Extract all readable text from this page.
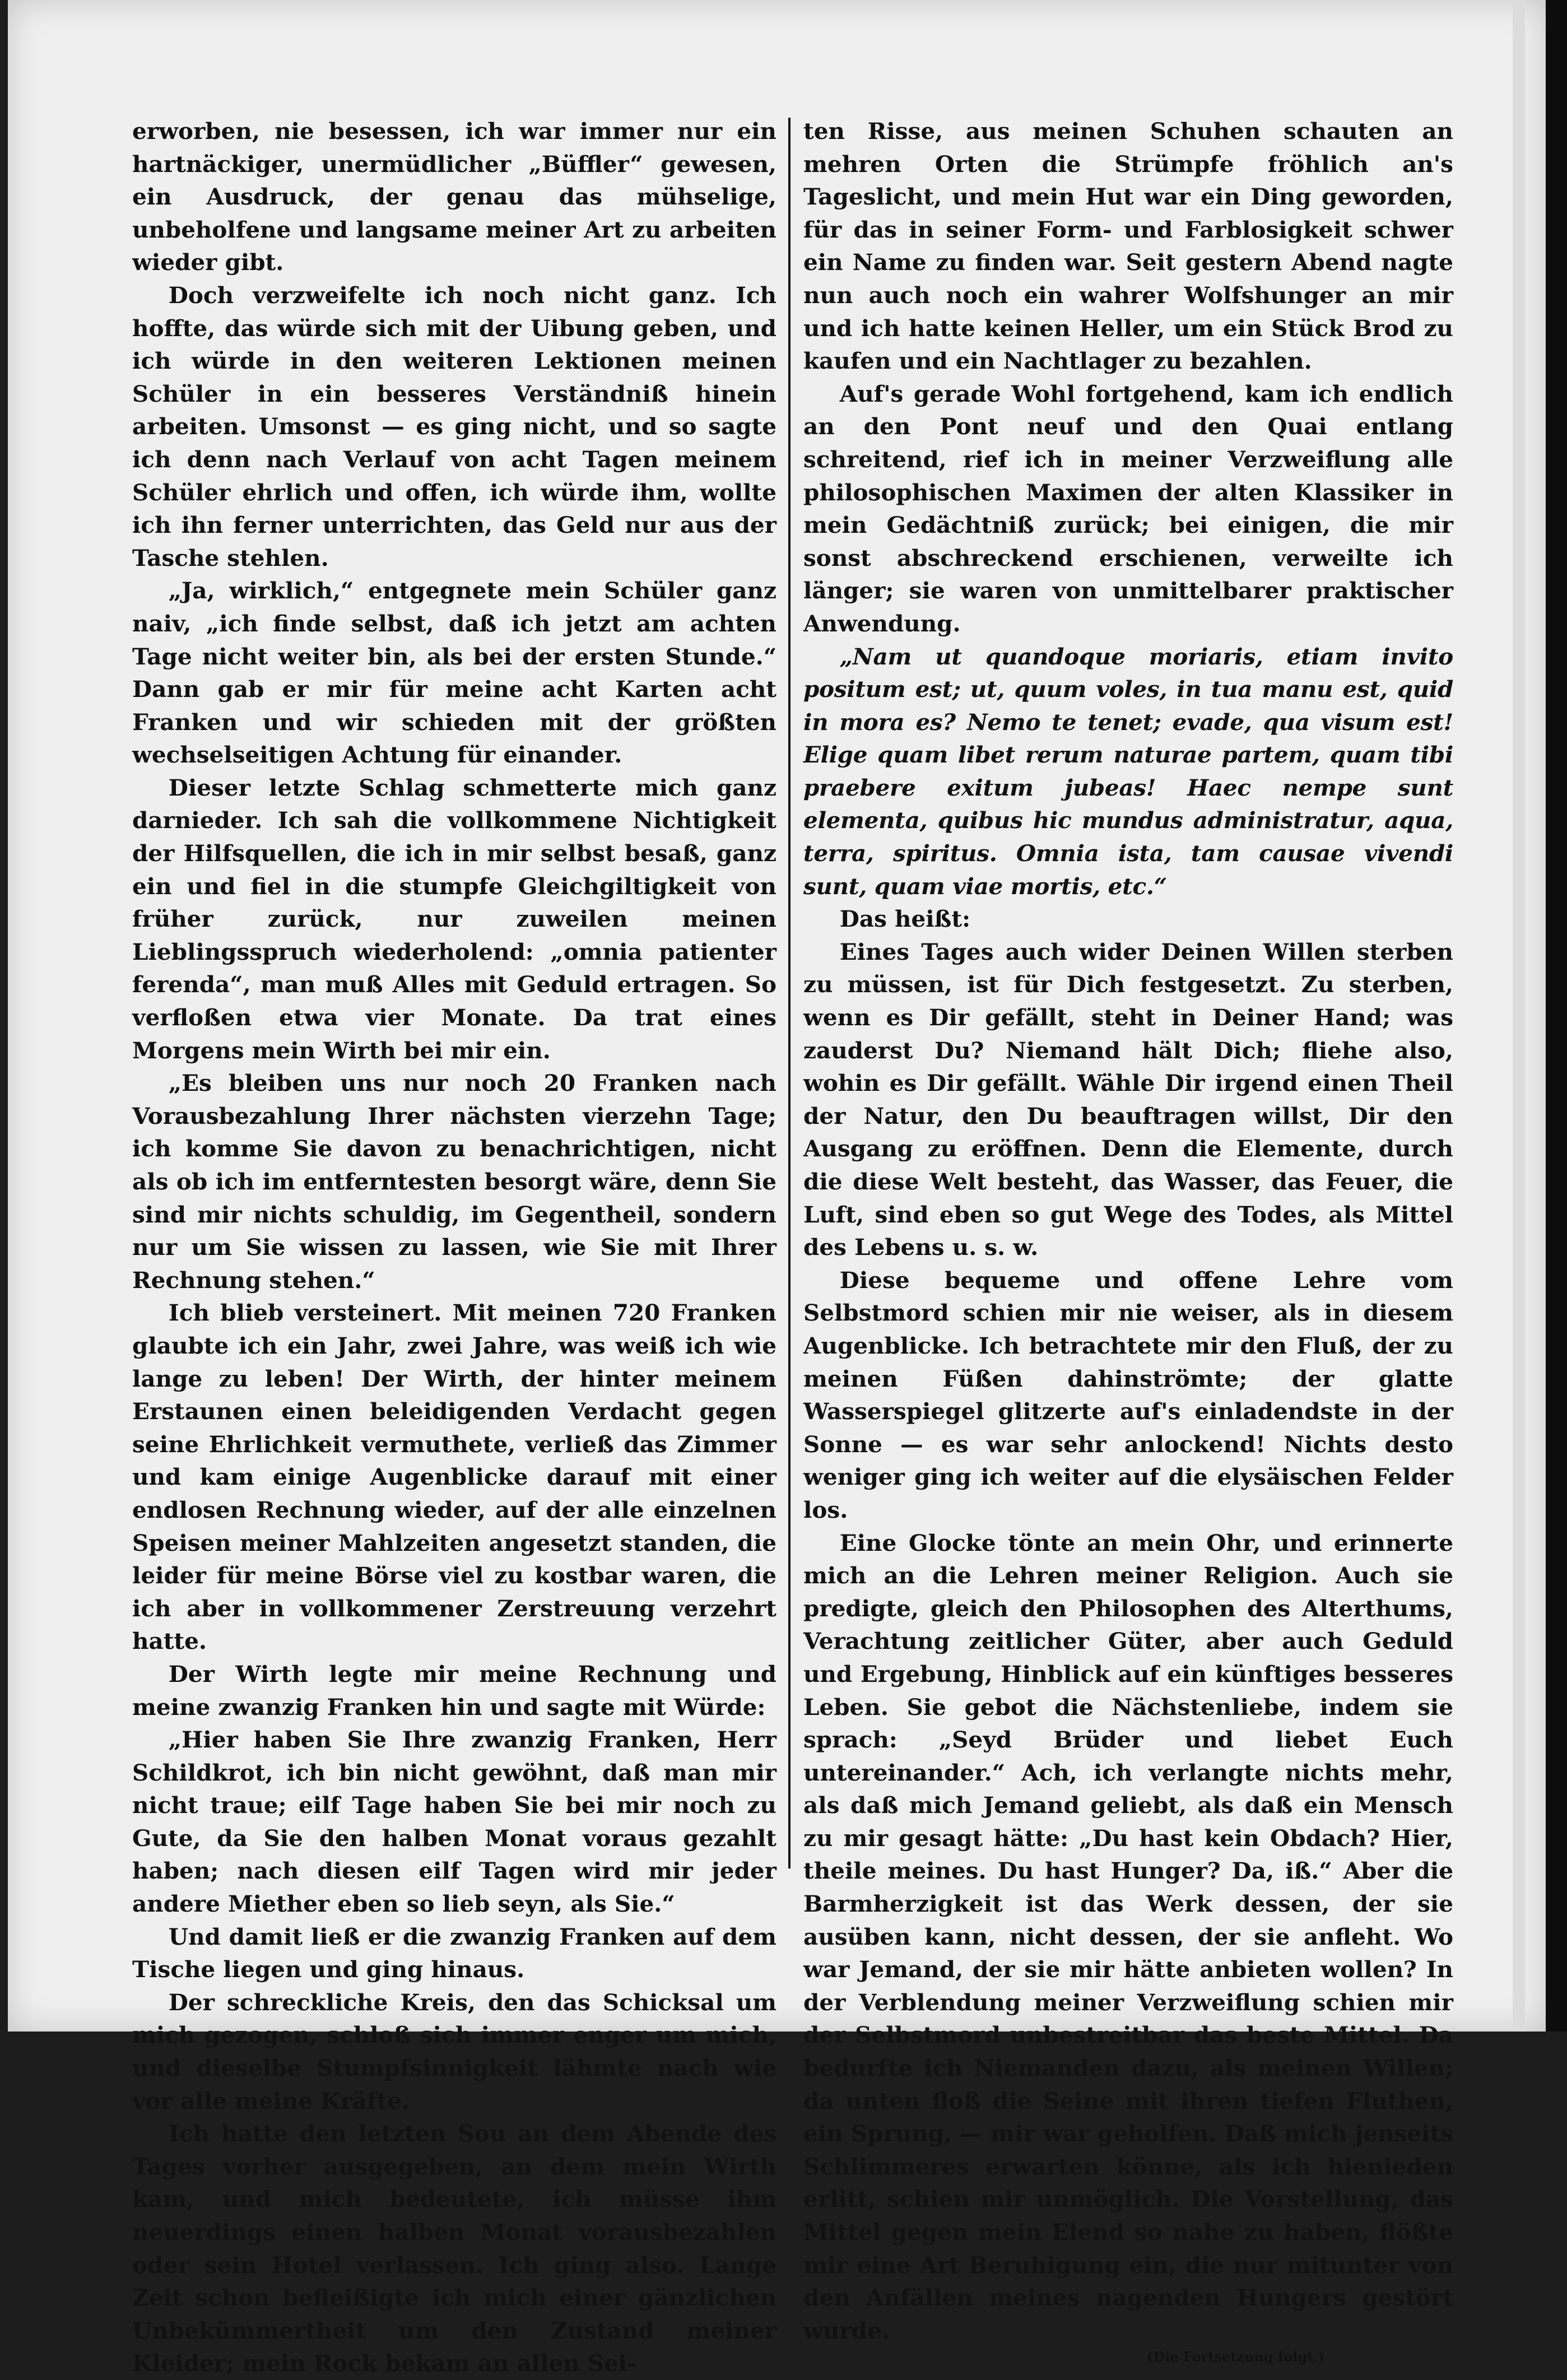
erworben, nie besessen, ich war immer nur ein hartnäckiger, unermüdlicher „Büffler“ gewesen, ein Ausdruck, der genau das mühselige, unbeholfene und langsame meiner Art zu arbeiten wieder gibt.

Doch verzweifelte ich noch nicht ganz. Ich hoffte, das würde sich mit der Uibung geben, und ich würde in den weiteren Lektionen meinen Schüler in ein besseres Verständniß hinein arbeiten. Umsonst — es ging nicht, und so sagte ich denn nach Verlauf von acht Tagen meinem Schüler ehrlich und offen, ich würde ihm, wollte ich ihn ferner unterrichten, das Geld nur aus der Tasche stehlen.

„Ja, wirklich,“ entgegnete mein Schüler ganz naiv, „ich finde selbst, daß ich jetzt am achten Tage nicht weiter bin, als bei der ersten Stunde.“ Dann gab er mir für meine acht Karten acht Franken und wir schieden mit der größten wechselseitigen Achtung für einander.

Dieser letzte Schlag schmetterte mich ganz darnieder. Ich sah die vollkommene Nichtigkeit der Hilfsquellen, die ich in mir selbst besaß, ganz ein und fiel in die stumpfe Gleichgiltigkeit von früher zurück, nur zuweilen meinen Lieblingsspruch wiederholend: „omnia patienter ferenda“, man muß Alles mit Geduld ertragen. So verfloßen etwa vier Monate. Da trat eines Morgens mein Wirth bei mir ein.

„Es bleiben uns nur noch 20 Franken nach Vorausbezahlung Ihrer nächsten vierzehn Tage; ich komme Sie davon zu benachrichtigen, nicht als ob ich im entferntesten besorgt wäre, denn Sie sind mir nichts schuldig, im Gegentheil, sondern nur um Sie wissen zu lassen, wie Sie mit Ihrer Rechnung stehen.“

Ich blieb versteinert. Mit meinen 720 Franken glaubte ich ein Jahr, zwei Jahre, was weiß ich wie lange zu leben! Der Wirth, der hinter meinem Erstaunen einen beleidigenden Verdacht gegen seine Ehrlichkeit vermuthete, verließ das Zimmer und kam einige Augenblicke darauf mit einer endlosen Rechnung wieder, auf der alle einzelnen Speisen meiner Mahlzeiten angesetzt standen, die leider für meine Börse viel zu kostbar waren, die ich aber in vollkommener Zerstreuung verzehrt hatte.

Der Wirth legte mir meine Rechnung und meine zwanzig Franken hin und sagte mit Würde:

„Hier haben Sie Ihre zwanzig Franken, Herr Schildkrot, ich bin nicht gewöhnt, daß man mir nicht traue; eilf Tage haben Sie bei mir noch zu Gute, da Sie den halben Monat voraus gezahlt haben; nach diesen eilf Tagen wird mir jeder andere Miether eben so lieb seyn, als Sie.“

Und damit ließ er die zwanzig Franken auf dem Tische liegen und ging hinaus.

Der schreckliche Kreis, den das Schicksal um mich gezogen, schloß sich immer enger um mich, und dieselbe Stumpfsinnigkeit lähmte nach wie vor alle meine Kräfte.

Ich hatte den letzten Sou an dem Abende des Tages vorher ausgegeben, an dem mein Wirth kam, und mich bedeutete, ich müsse ihm neuerdings einen halben Monat vorausbezahlen oder sein Hotel verlassen. Ich ging also. Lange Zeit schon befleißigte ich mich einer gänzlichen Unbekümmertheit um den Zustand meiner Kleider; mein Rock bekam an allen Sei-

ten Risse, aus meinen Schuhen schauten an mehren Orten die Strümpfe fröhlich an's Tageslicht, und mein Hut war ein Ding geworden, für das in seiner Form- und Farblosigkeit schwer ein Name zu finden war. Seit gestern Abend nagte nun auch noch ein wahrer Wolfshunger an mir und ich hatte keinen Heller, um ein Stück Brod zu kaufen und ein Nachtlager zu bezahlen.

Auf's gerade Wohl fortgehend, kam ich endlich an den Pont neuf und den Quai entlang schreitend, rief ich in meiner Verzweiflung alle philosophischen Maximen der alten Klassiker in mein Gedächtniß zurück; bei einigen, die mir sonst abschreckend erschienen, verweilte ich länger; sie waren von unmittelbarer praktischer Anwendung.

„Nam ut quandoque moriaris, etiam invito positum est; ut, quum voles, in tua manu est, quid in mora es? Nemo te tenet; evade, qua visum est! Elige quam libet rerum naturae partem, quam tibi praebere exitum jubeas! Haec nempe sunt elementa, quibus hic mundus administratur, aqua, terra, spiritus. Omnia ista, tam causae vivendi sunt, quam viae mortis, etc.“

Das heißt:

Eines Tages auch wider Deinen Willen sterben zu müssen, ist für Dich festgesetzt. Zu sterben, wenn es Dir gefällt, steht in Deiner Hand; was zauderst Du? Niemand hält Dich; fliehe also, wohin es Dir gefällt. Wähle Dir irgend einen Theil der Natur, den Du beauftragen willst, Dir den Ausgang zu eröffnen. Denn die Elemente, durch die diese Welt besteht, das Wasser, das Feuer, die Luft, sind eben so gut Wege des Todes, als Mittel des Lebens u. s. w.

Diese bequeme und offene Lehre vom Selbstmord schien mir nie weiser, als in diesem Augenblicke. Ich betrachtete mir den Fluß, der zu meinen Füßen dahinströmte; der glatte Wasserspiegel glitzerte auf's einladendste in der Sonne — es war sehr anlockend! Nichts desto weniger ging ich weiter auf die elysäischen Felder los.

Eine Glocke tönte an mein Ohr, und erinnerte mich an die Lehren meiner Religion. Auch sie predigte, gleich den Philosophen des Alterthums, Verachtung zeitlicher Güter, aber auch Geduld und Ergebung, Hinblick auf ein künftiges besseres Leben. Sie gebot die Nächstenliebe, indem sie sprach: „Seyd Brüder und liebet Euch untereinander.“ Ach, ich verlangte nichts mehr, als daß mich Jemand geliebt, als daß ein Mensch zu mir gesagt hätte: „Du hast kein Obdach? Hier, theile meines. Du hast Hunger? Da, iß.“ Aber die Barmherzigkeit ist das Werk dessen, der sie ausüben kann, nicht dessen, der sie anfleht. Wo war Jemand, der sie mir hätte anbieten wollen? In der Verblendung meiner Verzweiflung schien mir der Selbstmord unbestreitbar das beste Mittel. Da bedurfte ich Niemanden dazu, als meinen Willen; da unten floß die Seine mit ihren tiefen Fluthen, ein Sprung, — mir war geholfen. Daß mich jenseits Schlimmeres erwarten könne, als ich hienieden erlitt, schien mir unmöglich. Die Vorstellung, das Mittel gegen mein Elend so nahe zu haben, flößte mir eine Art Beruhigung ein, die nur mitunter von den Anfällen meines nagenden Hungers gestört wurde.

(Die Fortsetzung folgt.)
